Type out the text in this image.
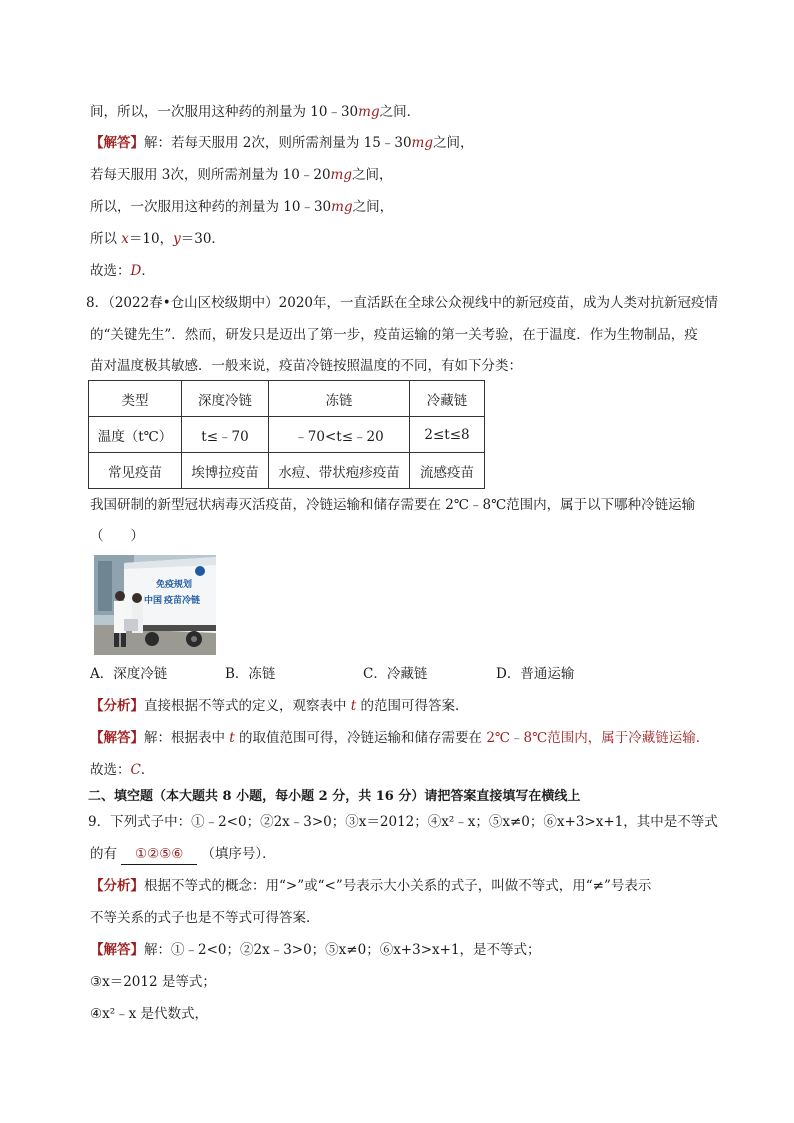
间，所以，一次服用这种药的剂量为 10﹣30mg之间．
【解答】解：若每天服用 2次，则所需剂量为 15﹣30mg之间，
若每天服用 3次，则所需剂量为 10﹣20mg之间，
所以，一次服用这种药的剂量为 10﹣30mg之间，
所以 x＝10，y＝30．
故选：D．
8．（2022春•仓山区校级期中）2020年，一直活跃在全球公众视线中的新冠疫苗，成为人类对抗新冠疫情
的“关键先生”．然而，研发只是迈出了第一步，疫苗运输的第一关考验，在于温度．作为生物制品，疫
苗对温度极其敏感．一般来说，疫苗冷链按照温度的不同，有如下分类：
类型	深度冷链	冻链	冷藏链
温度（t℃）	t≤﹣70	﹣70<t≤﹣20	2≤t≤8
常见疫苗	埃博拉疫苗	水痘、带状疱疹疫苗	流感疫苗
我国研制的新型冠状病毒灭活疫苗，冷链运输和储存需要在 2℃﹣8℃范围内，属于以下哪种冷链运输
（　　）
免疫规划
中国 疫苗冷链
A．深度冷链	B．冻链	C．冷藏链	D．普通运输
【分析】直接根据不等式的定义，观察表中 t 的范围可得答案．
【解答】解：根据表中 t 的取值范围可得，冷链运输和储存需要在 2℃﹣8℃范围内，属于冷藏链运输．
故选：C．
二、填空题（本大题共 8 小题，每小题 2 分，共 16 分）请把答案直接填写在横线上
9．下列式子中：①﹣2<0；②2x﹣3>0；③x＝2012；④x²﹣x；⑤x≠0；⑥x+3>x+1，其中是不等式
的有 ①②⑤⑥ （填序号）．
【分析】根据不等式的概念：用“>”或“<”号表示大小关系的式子，叫做不等式，用“≠”号表示
不等关系的式子也是不等式可得答案．
【解答】解：①﹣2<0；②2x﹣3>0；⑤x≠0；⑥x+3>x+1，是不等式；
③x＝2012 是等式；
④x²﹣x 是代数式，
